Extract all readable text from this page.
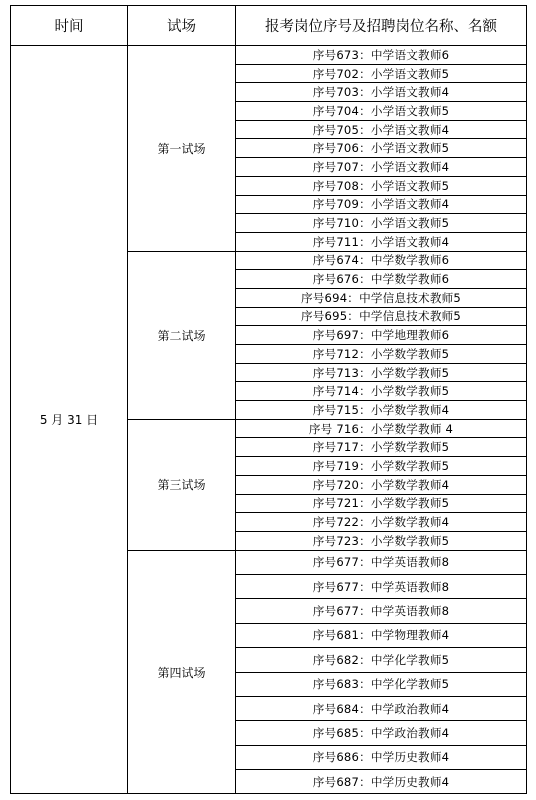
时间	试场	报考岗位序号及招聘岗位名称、名额
5 月 31 日	第一试场	序号673：中学语文教师6
		序号702：小学语文教师5
		序号703：小学语文教师4
		序号704：小学语文教师5
		序号705：小学语文教师4
		序号706：小学语文教师5
		序号707：小学语文教师4
		序号708：小学语文教师5
		序号709：小学语文教师4
		序号710：小学语文教师5
		序号711：小学语文教师4
	第二试场	序号674：中学数学教师6
		序号676：中学数学教师6
		序号694：中学信息技术教师5
		序号695：中学信息技术教师5
		序号697：中学地理教师6
		序号712：小学数学教师5
		序号713：小学数学教师5
		序号714：小学数学教师5
		序号715：小学数学教师4
	第三试场	序号 716：小学数学教师 4
		序号717：小学数学教师5
		序号719：小学数学教师5
		序号720：小学数学教师4
		序号721：小学数学教师5
		序号722：小学数学教师4
		序号723：小学数学教师5
	第四试场	序号677：中学英语教师8
		序号677：中学英语教师8
		序号677：中学英语教师8
		序号681：中学物理教师4
		序号682：中学化学教师5
		序号683：中学化学教师5
		序号684：中学政治教师4
		序号685：中学政治教师4
		序号686：中学历史教师4
		序号687：中学历史教师4
